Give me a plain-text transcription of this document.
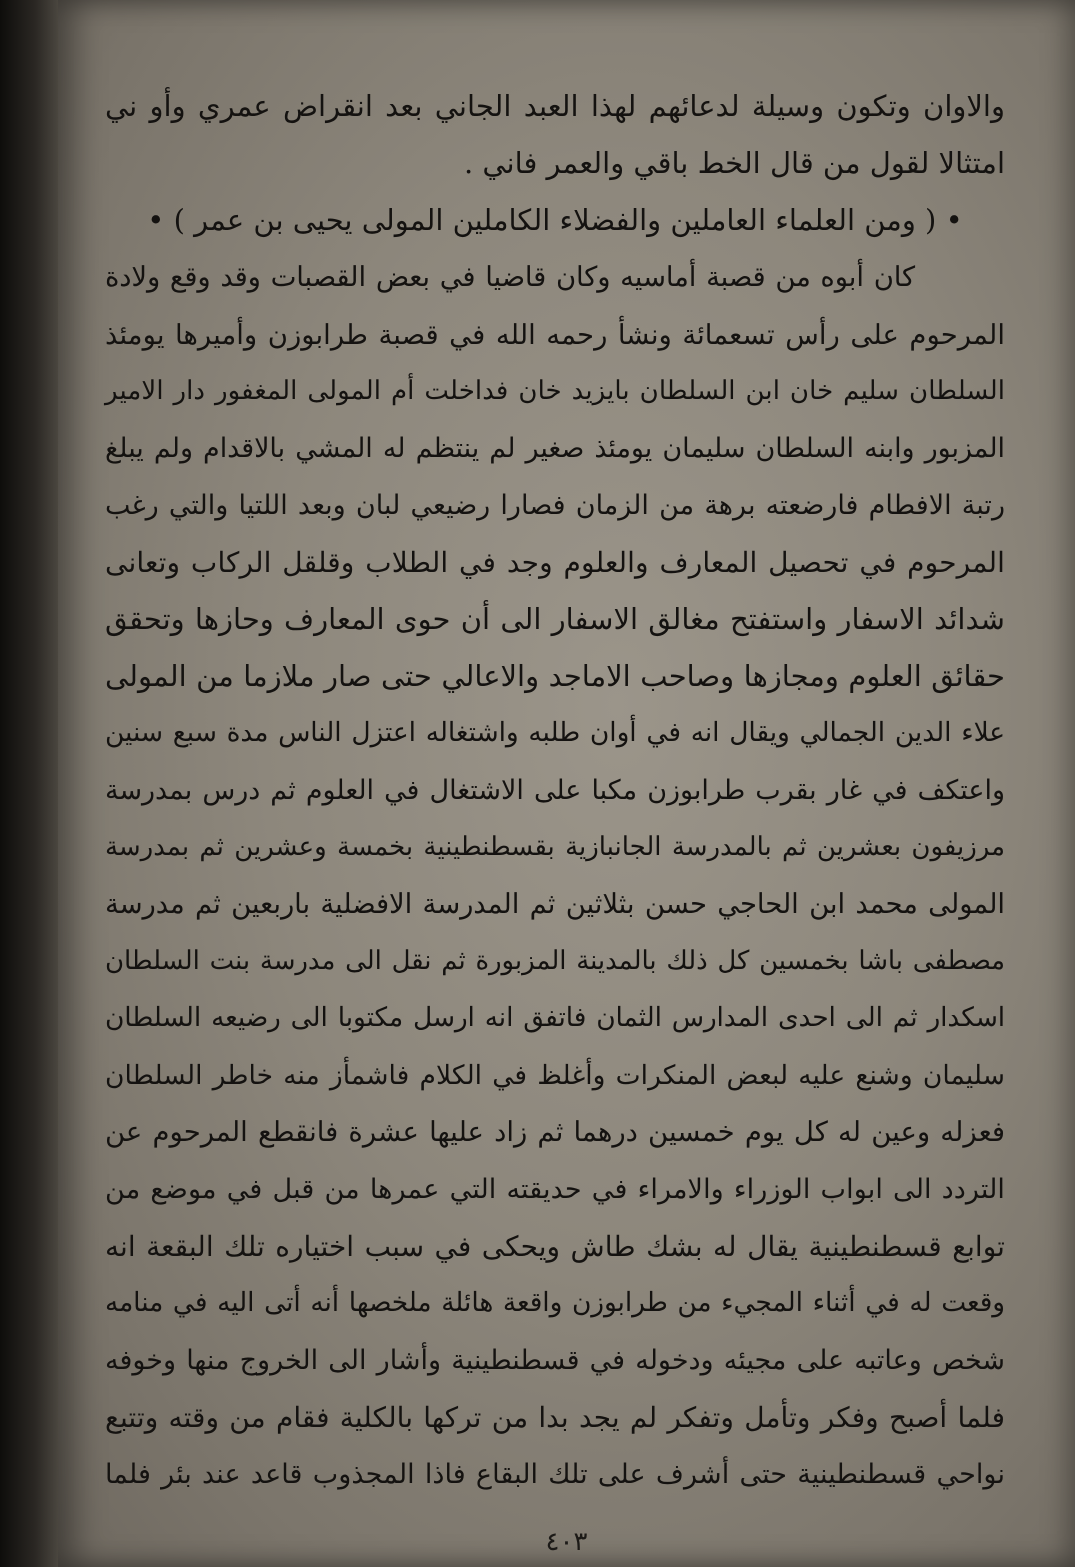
والاوان وتكون وسيلة لدعائهم لهذا العبد الجاني بعد انقراض عمري وأو ني
امتثالا لقول من قال الخط باقي والعمر فاني .
• ( ومن العلماء العاملين والفضلاء الكاملين المولى يحيى بن عمر ) •
كان أبوه من قصبة أماسيه وكان قاضيا في بعض القصبات وقد وقع ولادة
المرحوم على رأس تسعمائة ونشأ رحمه الله في قصبة طرابوزن وأميرها يومئذ
السلطان سليم خان ابن السلطان بايزيد خان فداخلت أم المولى المغفور دار الامير
المزبور وابنه السلطان سليمان يومئذ صغير لم ينتظم له المشي بالاقدام ولم يبلغ
رتبة الافطام فارضعته برهة من الزمان فصارا رضيعي لبان وبعد اللتيا والتي رغب
المرحوم في تحصيل المعارف والعلوم وجد في الطلاب وقلقل الركاب وتعانى
شدائد الاسفار واستفتح مغالق الاسفار الى أن حوى المعارف وحازها وتحقق
حقائق العلوم ومجازها وصاحب الاماجد والاعالي حتى صار ملازما من المولى
علاء الدين الجمالي ويقال انه في أوان طلبه واشتغاله اعتزل الناس مدة سبع سنين
واعتكف في غار بقرب طرابوزن مكبا على الاشتغال في العلوم ثم درس بمدرسة
مرزيفون بعشرين ثم بالمدرسة الجانبازية بقسطنطينية بخمسة وعشرين ثم بمدرسة
المولى محمد ابن الحاجي حسن بثلاثين ثم المدرسة الافضلية باربعين ثم مدرسة
مصطفى باشا بخمسين كل ذلك بالمدينة المزبورة ثم نقل الى مدرسة بنت السلطان
اسكدار ثم الى احدى المدارس الثمان فاتفق انه ارسل مكتوبا الى رضيعه السلطان
سليمان وشنع عليه لبعض المنكرات وأغلظ في الكلام فاشمأز منه خاطر السلطان
فعزله وعين له كل يوم خمسين درهما ثم زاد عليها عشرة فانقطع المرحوم عن
التردد الى ابواب الوزراء والامراء في حديقته التي عمرها من قبل في موضع من
توابع قسطنطينية يقال له بشك طاش ويحكى في سبب اختياره تلك البقعة انه
وقعت له في أثناء المجيء من طرابوزن واقعة هائلة ملخصها أنه أتى اليه في منامه
شخص وعاتبه على مجيئه ودخوله في قسطنطينية وأشار الى الخروج منها وخوفه
فلما أصبح وفكر وتأمل وتفكر لم يجد بدا من تركها بالكلية فقام من وقته وتتبع
نواحي قسطنطينية حتى أشرف على تلك البقاع فاذا المجذوب قاعد عند بئر فلما
٤٠٣
